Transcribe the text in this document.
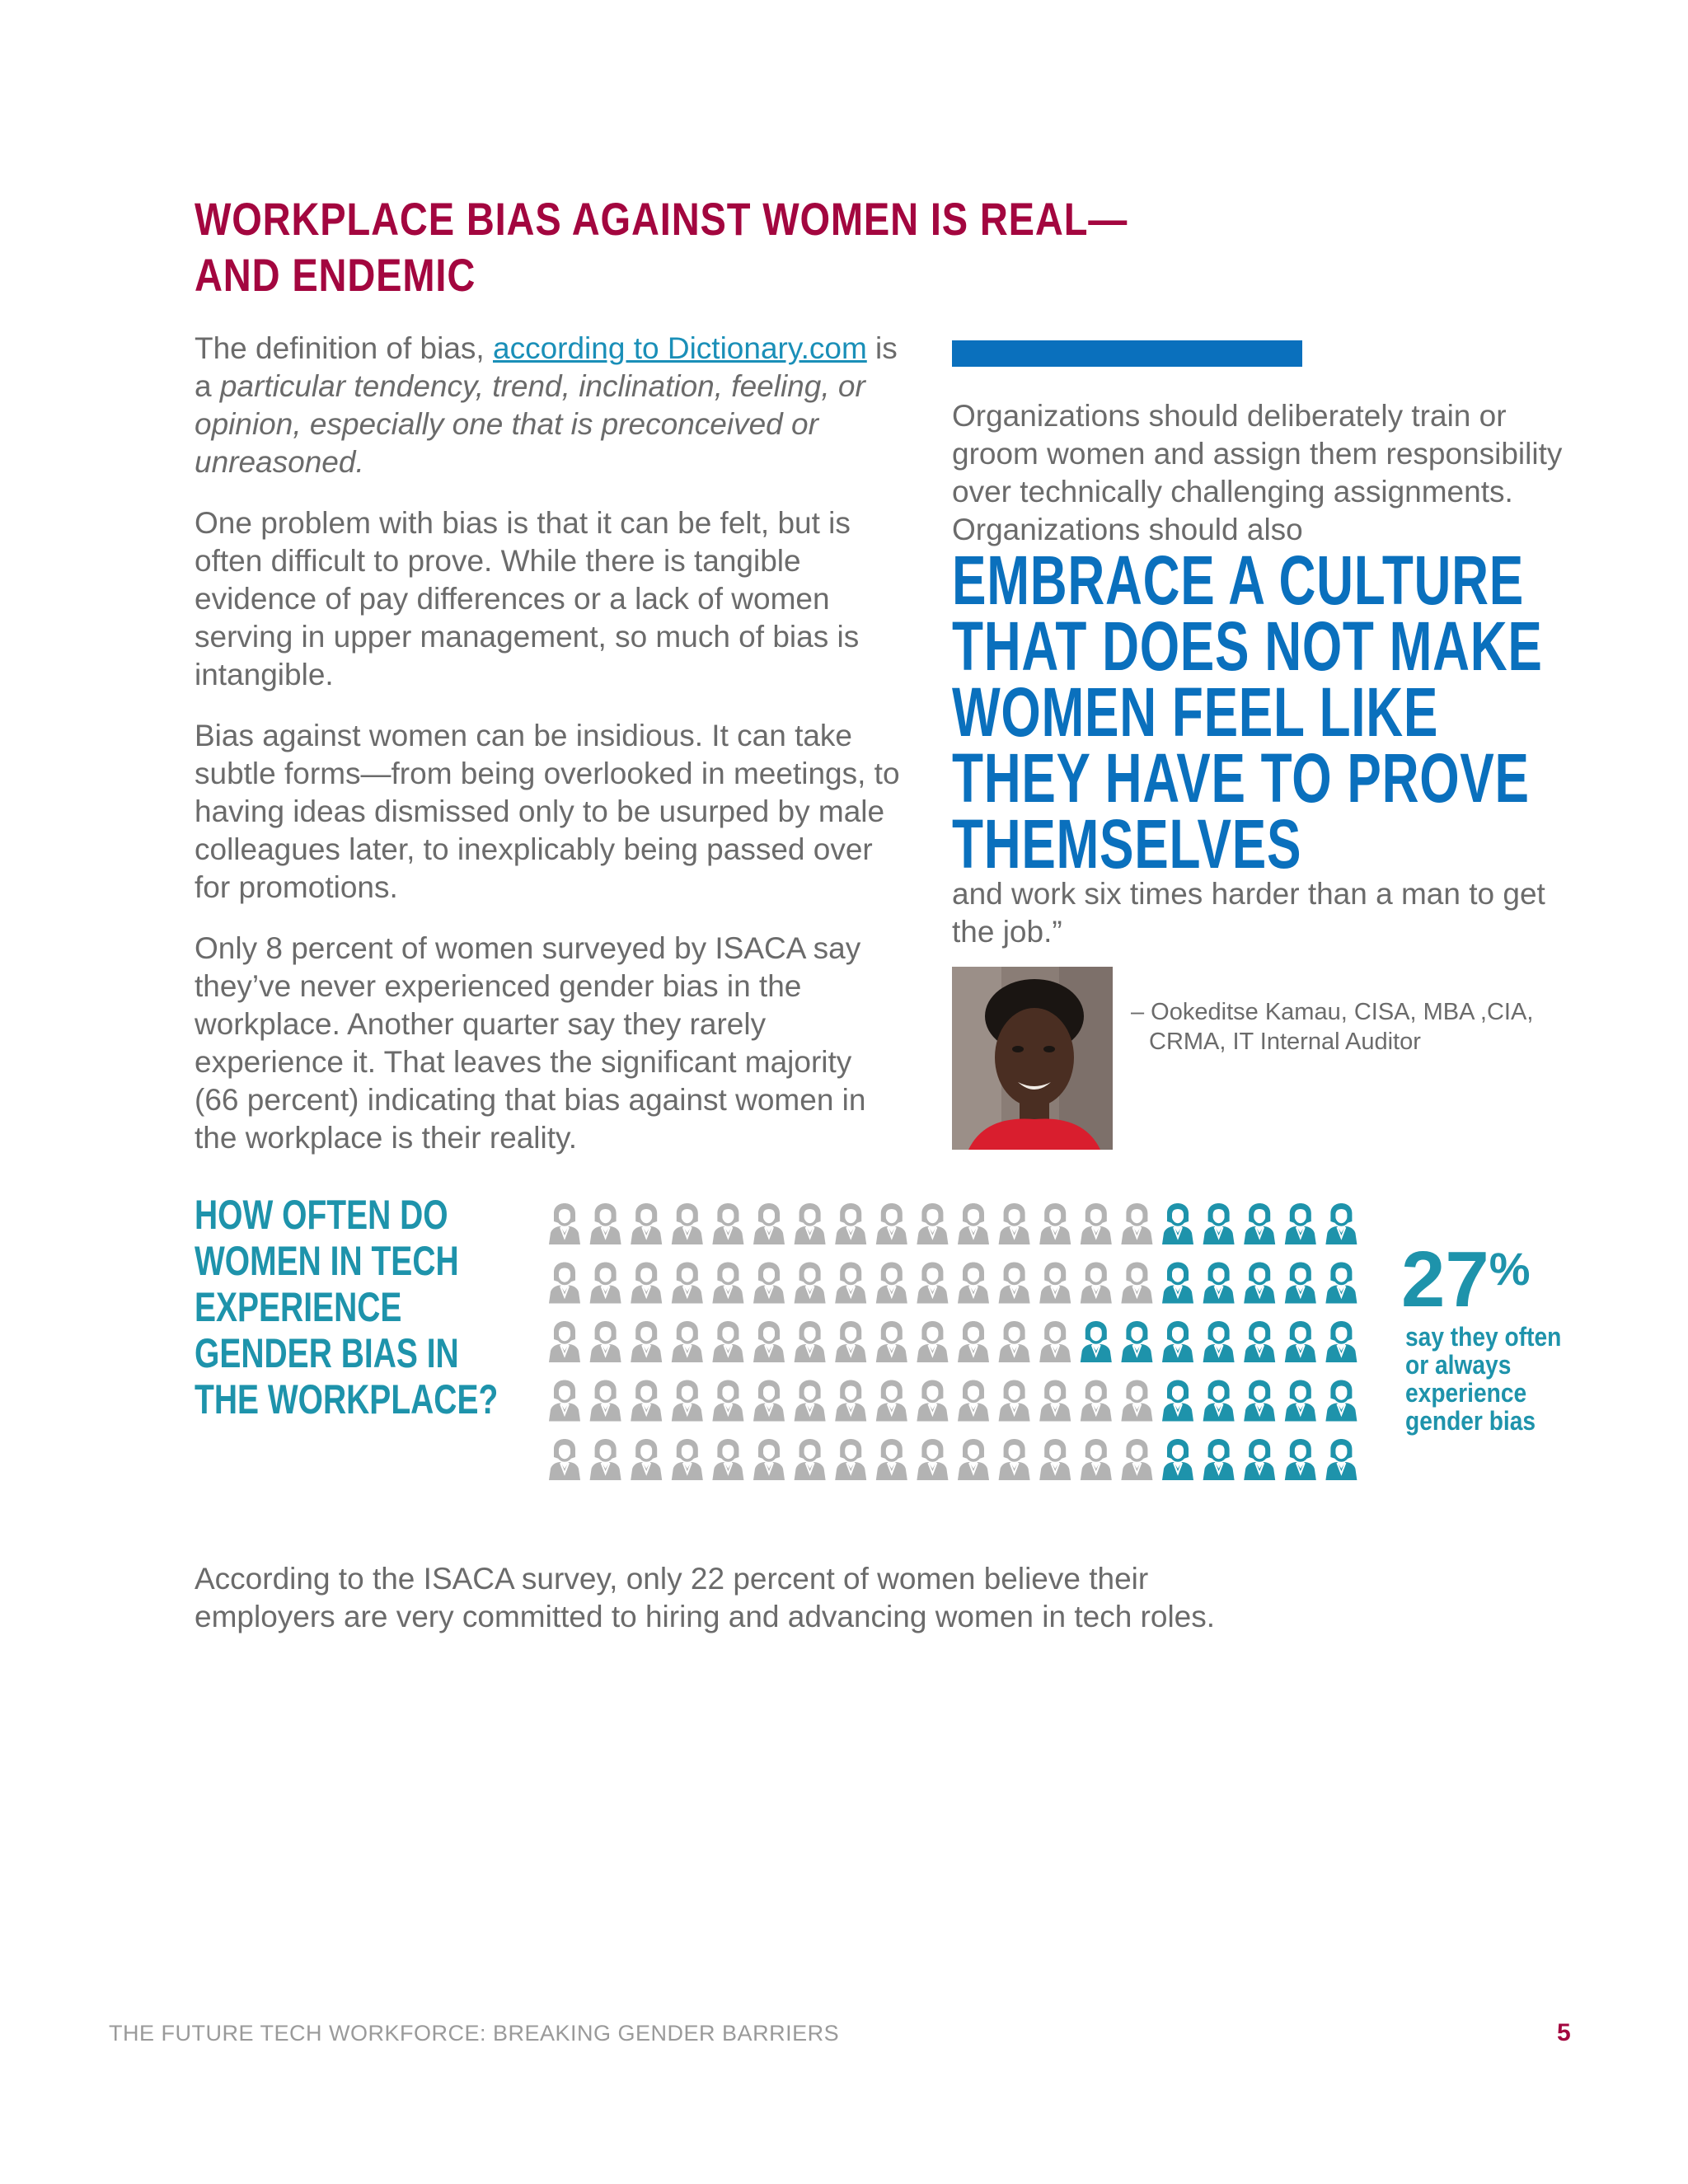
WORKPLACE BIAS AGAINST WOMEN IS REAL—
AND ENDEMIC

The definition of bias, according to Dictionary.com is a particular tendency, trend, inclination, feeling, or opinion, especially one that is preconceived or unreasoned.

One problem with bias is that it can be felt, but is often difficult to prove. While there is tangible evidence of pay differences or a lack of women serving in upper management, so much of bias is intangible.

Bias against women can be insidious. It can take subtle forms—from being overlooked in meetings, to having ideas dismissed only to be usurped by male colleagues later, to inexplicably being passed over for promotions.

Only 8 percent of women surveyed by ISACA say they’ve never experienced gender bias in the workplace. Another quarter say they rarely experience it. That leaves the significant majority (66 percent) indicating that bias against women in the workplace is their reality.

Organizations should deliberately train or groom women and assign them responsibility over technically challenging assignments. Organizations should also
EMBRACE A CULTURE
THAT DOES NOT MAKE
WOMEN FEEL LIKE
THEY HAVE TO PROVE
THEMSELVES
and work six times harder than a man to get the job.”
– Ookeditse Kamau, CISA, MBA ,CIA,
CRMA, IT Internal Auditor
HOW OFTEN DO
WOMEN IN TECH
EXPERIENCE
GENDER BIAS IN
THE WORKPLACE?
27%
say they often
or always
experience
gender bias
According to the ISACA survey, only 22 percent of women believe their employers are very committed to hiring and advancing women in tech roles.
THE FUTURE TECH WORKFORCE: BREAKING GENDER BARRIERS	5
